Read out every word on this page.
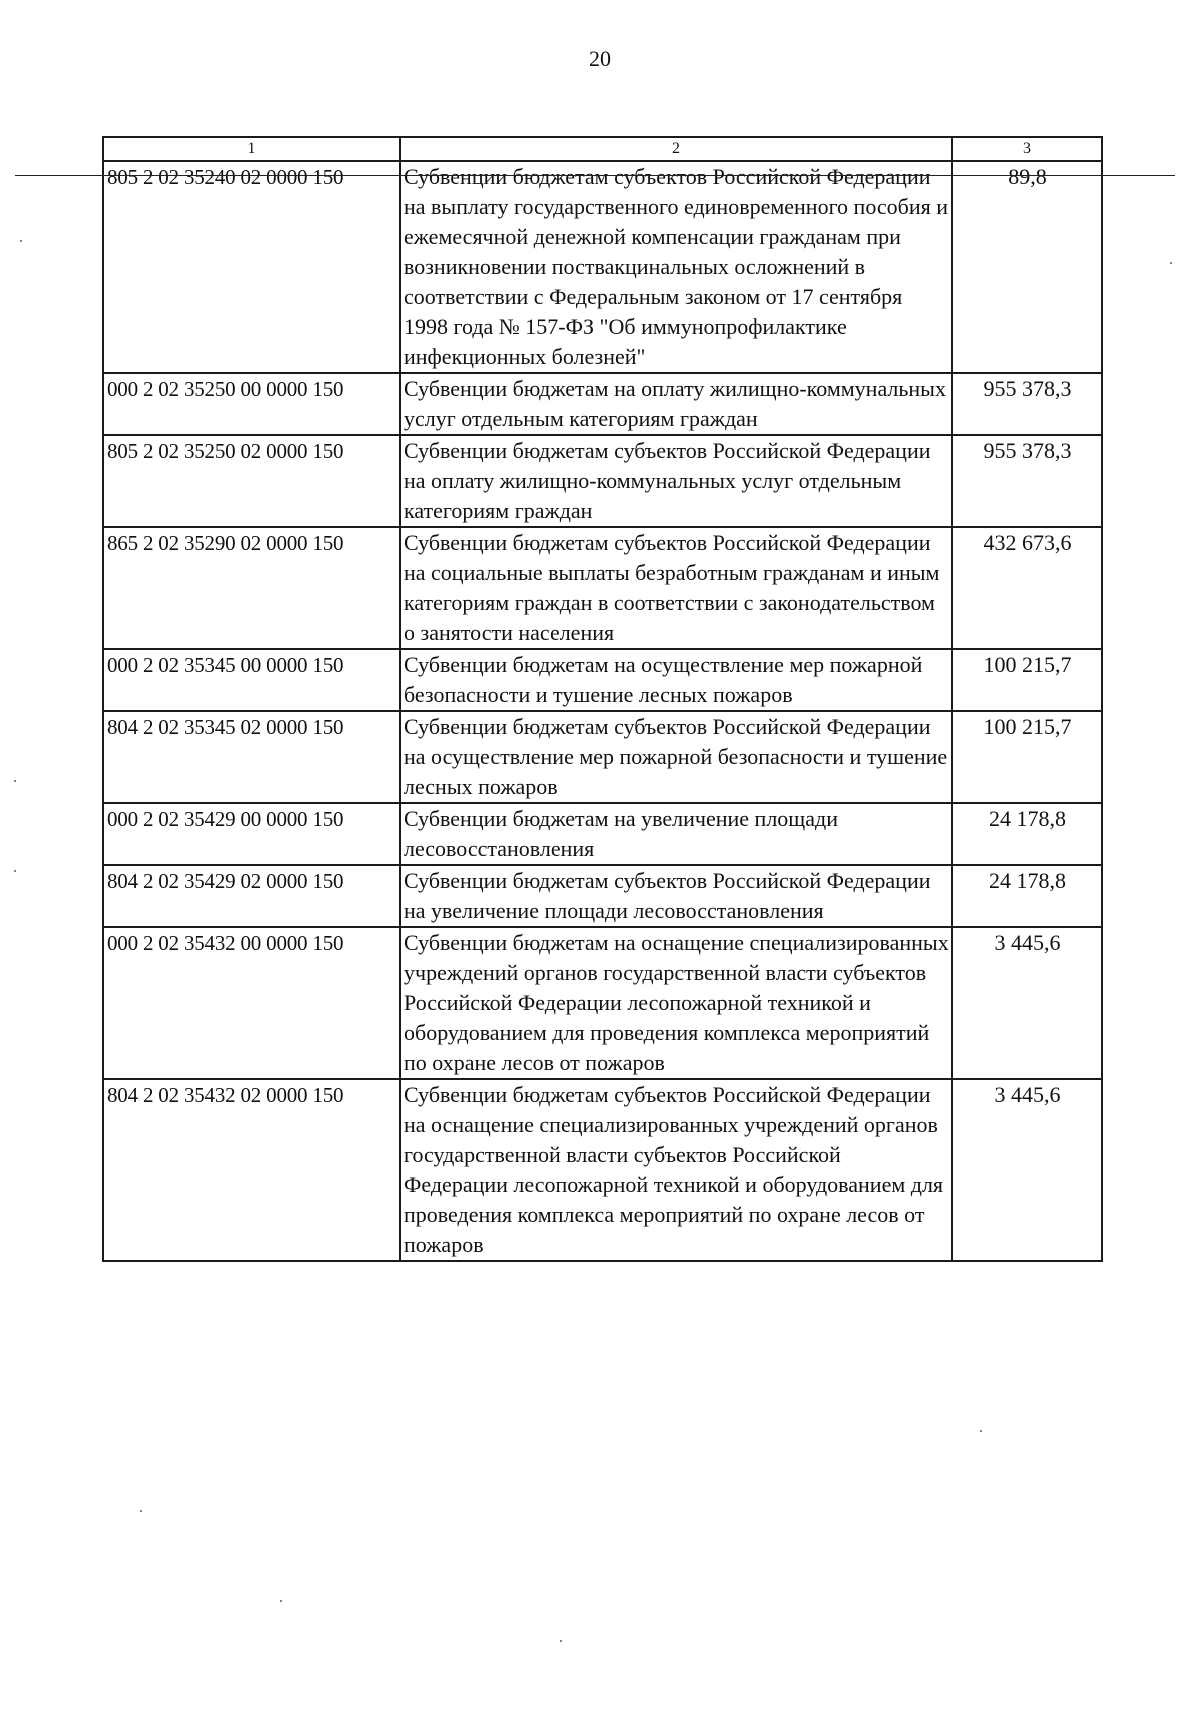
20
1	2	3
805 2 02 35240 02 0000 150	Субвенции бюджетам субъектов Российской Федерации на выплату государственного единовременного пособия и ежемесячной денежной компенсации гражданам при возникновении поствакцинальных осложнений в соответствии с Федеральным законом от 17 сентября 1998 года № 157-ФЗ "Об иммунопрофилактике инфекционных болезней"	89,8
000 2 02 35250 00 0000 150	Субвенции бюджетам на оплату жилищно-коммунальных услуг отдельным категориям граждан	955 378,3
805 2 02 35250 02 0000 150	Субвенции бюджетам субъектов Российской Федерации на оплату жилищно-коммунальных услуг отдельным категориям граждан	955 378,3
865 2 02 35290 02 0000 150	Субвенции бюджетам субъектов Российской Федерации на социальные выплаты безработным гражданам и иным категориям граждан в соответствии с законодательством о занятости населения	432 673,6
000 2 02 35345 00 0000 150	Субвенции бюджетам на осуществление мер пожарной безопасности и тушение лесных пожаров	100 215,7
804 2 02 35345 02 0000 150	Субвенции бюджетам субъектов Российской Федерации на осуществление мер пожарной безопасности и тушение лесных пожаров	100 215,7
000 2 02 35429 00 0000 150	Субвенции бюджетам на увеличение площади лесовосстановления	24 178,8
804 2 02 35429 02 0000 150	Субвенции бюджетам субъектов Российской Федерации на увеличение площади лесовосстановления	24 178,8
000 2 02 35432 00 0000 150	Субвенции бюджетам на оснащение специализированных учреждений органов государственной власти субъектов Российской Федерации лесопожарной техникой и оборудованием для проведения комплекса мероприятий по охране лесов от пожаров	3 445,6
804 2 02 35432 02 0000 150	Субвенции бюджетам субъектов Российской Федерации на оснащение специализированных учреждений органов государственной власти субъектов Российской Федерации лесопожарной техникой и оборудованием для проведения комплекса мероприятий по охране лесов от пожаров	3 445,6
